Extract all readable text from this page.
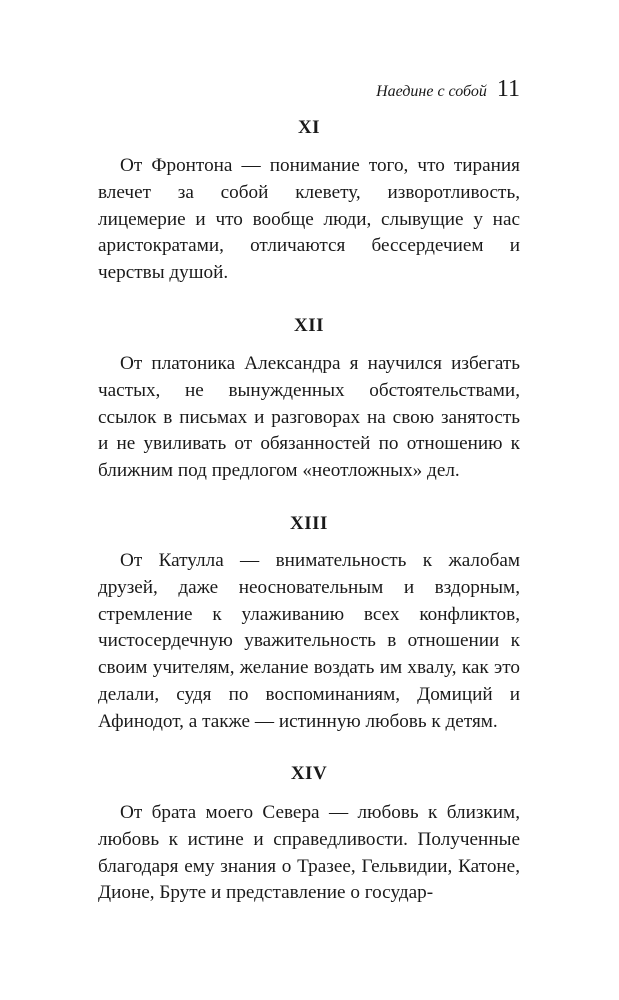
Наедине с собой 11
XI

От Фронтона — понимание того, что тирания влечет за собой клевету, изворотливость, лицемерие и что вообще люди, слывущие у нас аристократами, отличаются бессердечием и черствы душой.

XII

От платоника Александра я научился избегать частых, не вынужденных обстоятельствами, ссылок в письмах и разговорах на свою занятость и не увиливать от обязанностей по отношению к ближним под предлогом «неотложных» дел.

XIII

От Катулла — внимательность к жалобам друзей, даже неосновательным и вздорным, стремление к улаживанию всех конфликтов, чистосердечную уважительность в отношении к своим учителям, желание воздать им хвалу, как это делали, судя по воспоминаниям, Домиций и Афинодот, а также — истинную любовь к детям.

XIV

От брата моего Севера — любовь к близким, любовь к истине и справедливости. Полученные благодаря ему знания о Тразее, Гельвидии, Катоне, Дионе, Бруте и представление о государ-
